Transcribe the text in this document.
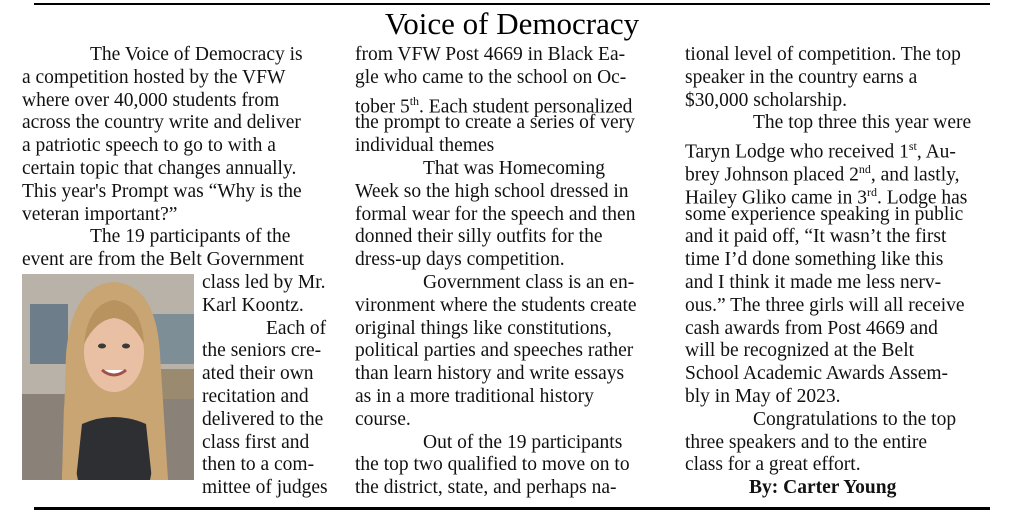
Voice of Democracy
The Voice of Democracy is
a competition hosted by the VFW
where over 40,000 students from
across the country write and deliver
a patriotic speech to go to with a
certain topic that changes annually.
This year's Prompt was “Why is the
veteran important?”
The 19 participants of the
event are from the Belt Government
class led by Mr.
Karl Koontz.
Each of
the seniors cre-
ated their own
recitation and
delivered to the
class first and
then to a com-
mittee of judges
from VFW Post 4669 in Black Ea-
gle who came to the school on Oc-
tober 5th. Each student personalized
the prompt to create a series of very
individual themes
That was Homecoming
Week so the high school dressed in
formal wear for the speech and then
donned their silly outfits for the
dress-up days competition.
Government class is an en-
vironment where the students create
original things like constitutions,
political parties and speeches rather
than learn history and write essays
as in a more traditional history
course.
Out of the 19 participants
the top two qualified to move on to
the district, state, and perhaps na-
tional level of competition. The top
speaker in the country earns a
$30,000 scholarship.
The top three this year were
Taryn Lodge who received 1st, Au-
brey Johnson placed 2nd, and lastly,
Hailey Gliko came in 3rd. Lodge has
some experience speaking in public
and it paid off, “It wasn’t the first
time I’d done something like this
and I think it made me less nerv-
ous.” The three girls will all receive
cash awards from Post 4669 and
will be recognized at the Belt
School Academic Awards Assem-
bly in May of 2023.
Congratulations to the top
three speakers and to the entire
class for a great effort.
By: Carter Young
